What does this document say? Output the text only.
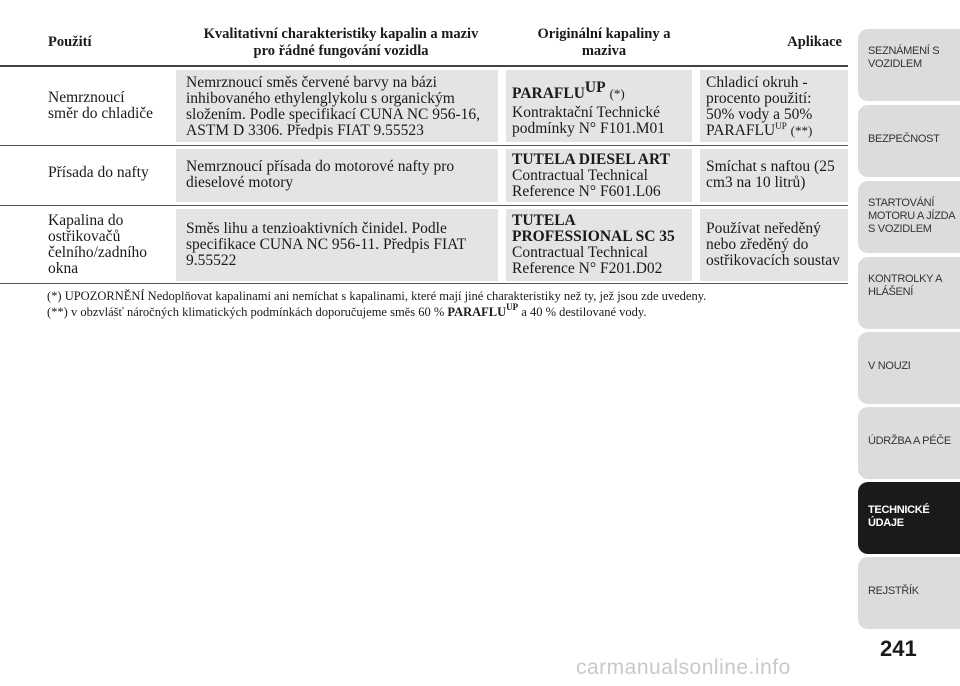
Použití	Kvalitativní charakteristiky kapalin a maziv
pro řádné fungování vozidla
Originální kapaliny a
maziva
Aplikace
Nemrznoucí
směr do chladiče
Nemrznoucí směs červené barvy na bázi
inhibovaného ethylenglykolu s organickým
složením. Podle specifikací CUNA NC 956-16,
ASTM D 3306. Předpis FIAT 9.55523
$PARAFLU^{UP}$ (*)
Kontraktační Technické
podmínky N° F101.M01
Chladicí okruh -
procento použití:
50% vody a 50%
$PARAFLU^{UP}$ (**)
Přísada do nafty	Nemrznoucí přísada do motorové nafty pro
dieselové motory
TUTELA DIESEL ART
Contractual Technical
Reference N° F601.L06
Smíchat s naftou (25
cm3 na 10 litrů)
Kapalina do
ostřikovačů
čelního/zadního
okna
Směs lihu a tenzioaktivních činidel. Podle
specifikace CUNA NC 956-11. Předpis FIAT
9.55522
TUTELA
PROFESSIONAL SC 35
Contractual Technical
Reference N° F201.D02
Používat neředěný
nebo zředěný do
ostřikovacích soustav
(*) UPOZORNĚNÍ Nedoplňovat kapalinami ani nemíchat s kapalinami, které mají jiné charakteristiky než ty, jež jsou zde uvedeny.
(**) v obzvlášť náročných klimatických podmínkách doporučujeme směs 60 % $PARAFLU^{UP}$ a 40 % destilované vody.
SEZNÁMENÍ S
VOZIDLEM
BEZPEČNOST
STARTOVÁNÍ
MOTORU A JÍZDA
S VOZIDLEM
KONTROLKY A
HLÁŠENÍ
V NOUZI
ÚDRŽBA A PÉČE
TECHNICKÉ
ÚDAJE
REJSTŘÍK
241
carmanualsonline.info
